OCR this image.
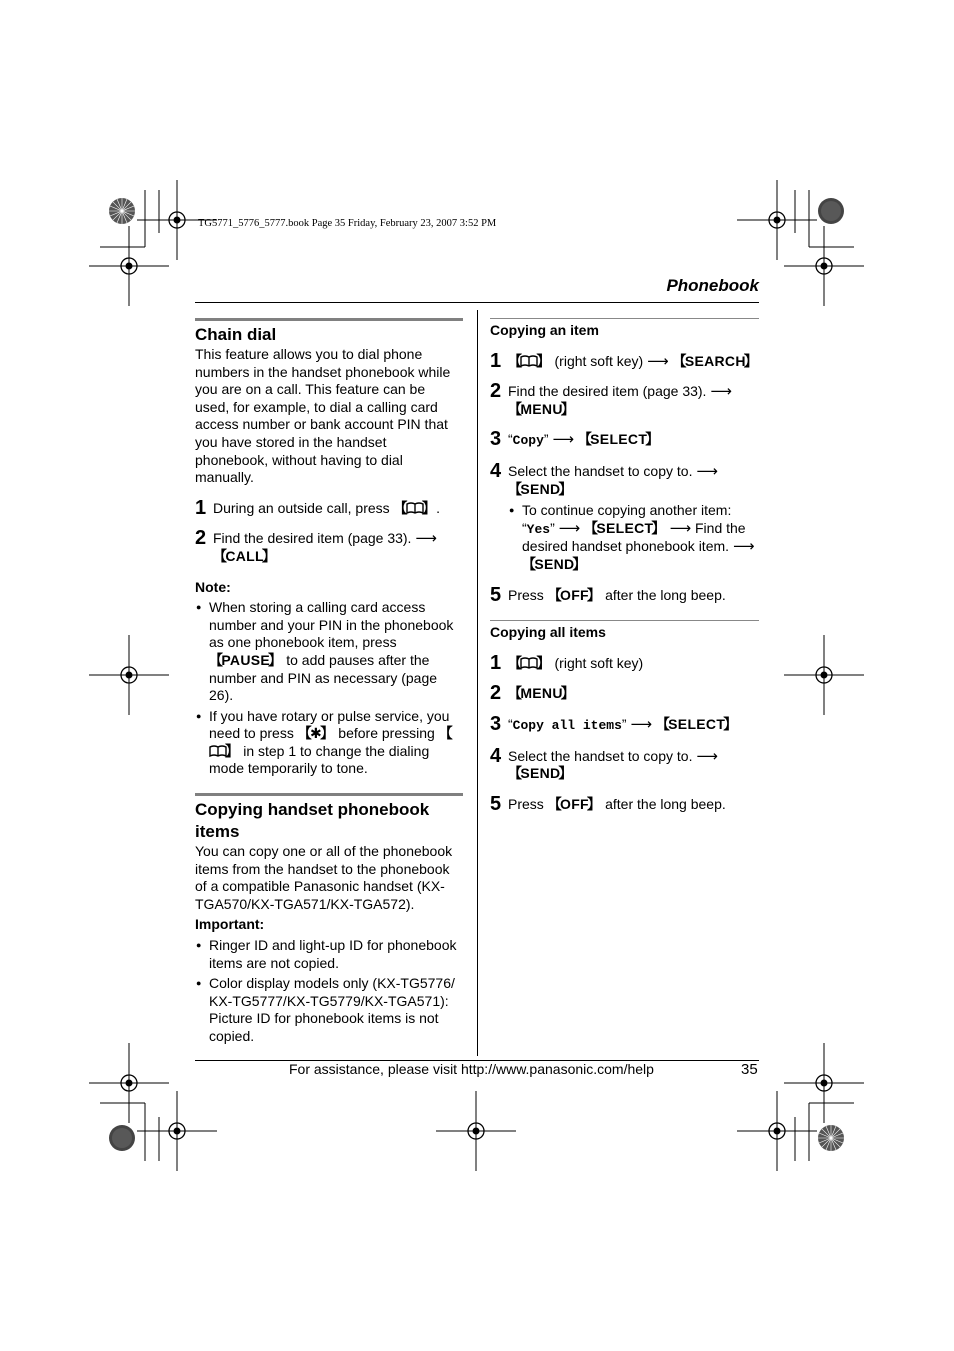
TG5771_5776_5777.book Page 35 Friday, February 23, 2007 3:52 PM
Phonebook
Chain dial

This feature allows you to dial phone numbers in the handset phonebook while you are on a call. This feature can be used, for example, to dial a calling card access number or bank account PIN that you have stored in the handset phonebook, without having to dial manually.

1 During an outside call, press 【  】	.
2 Find the desired item (page 33). ⟶
【 CALL 】

Note:

● When storing a calling card access number and your PIN in the phonebook as one phonebook item, press 【 PAUSE 】 to add pauses after the number and PIN as necessary (page 26).
● If you have rotary or pulse service, you need to press 【 ✱ 】 before pressing 【  】 in step 1 to change the dialing mode temporarily to tone.
Copying handset phonebook items

You can copy one or all of the phonebook items from the handset to the phonebook of a compatible Panasonic handset (KX-TGA570/KX-TGA571/KX-TGA572).

Important:

● Ringer ID and light-up ID for phonebook items are not copied.
● Color display models only (KX-TG5776/ KX-TG5777/KX-TG5779/KX-TGA571): Picture ID for phonebook items is not copied.

Copying an item

1 【  】	(right soft key) ⟶ 【 SEARCH 】
2 Find the desired item (page 33). ⟶
【 MENU 】
3 “Copy” ⟶ 【 SELECT 】
4 Select the handset to copy to. ⟶
【 SEND 】
● To continue copying another item: “Yes” ⟶ 【 SELECT 】 ⟶ Find the desired handset phonebook item. ⟶ 【 SEND 】
5 Press 【 OFF 】 after the long beep.

Copying all items

1 【  】	(right soft key)
2 【 MENU 】
3 “Copy all items” ⟶ 【 SELECT 】
4 Select the handset to copy to. ⟶
【 SEND 】
5 Press 【 OFF 】 after the long beep.
For assistance, please visit http://www.panasonic.com/help	35
